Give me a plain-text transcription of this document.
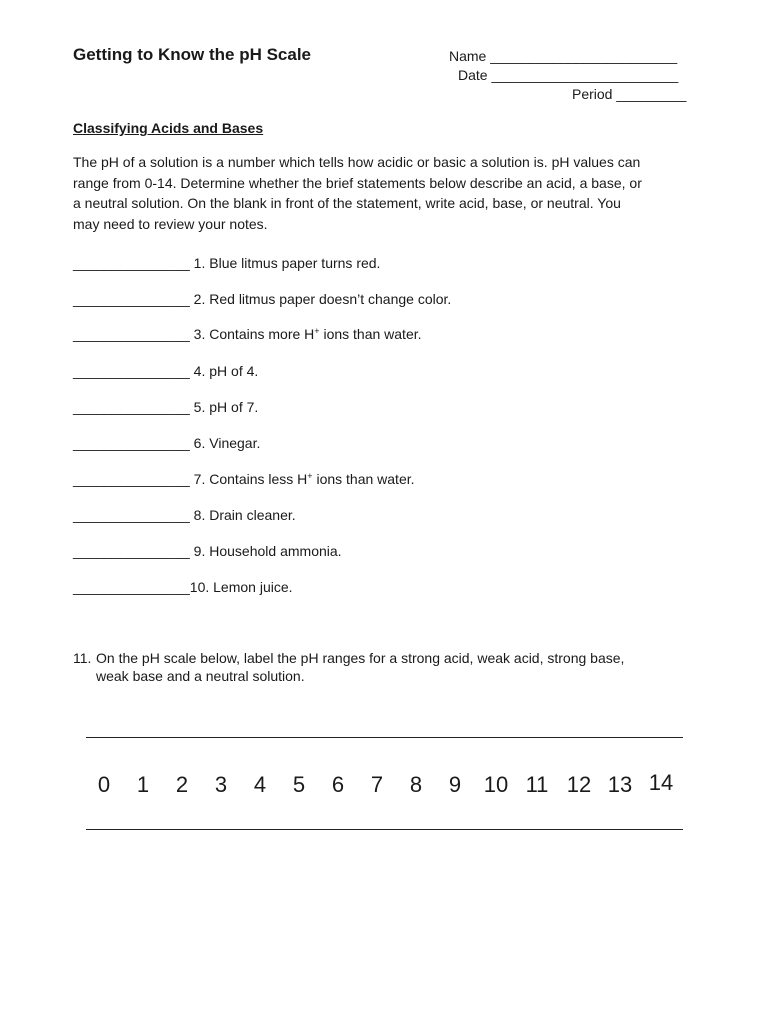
Getting to Know the pH Scale	Name ________________________
Date ________________________
Period _________
Classifying Acids and Bases
The pH of a solution is a number which tells how acidic or basic a solution is. pH values can
range from 0-14. Determine whether the brief statements below describe an acid, a base, or
a neutral solution. On the blank in front of the statement, write acid, base, or neutral. You
may need to review your notes.
_______________ 1. Blue litmus paper turns red.
_______________ 2. Red litmus paper doesn’t change color.
_______________ 3. Contains more H+ ions than water.
_______________ 4. pH of 4.
_______________ 5. pH of 7.
_______________ 6. Vinegar.
_______________ 7. Contains less H+ ions than water.
_______________ 8. Drain cleaner.
_______________ 9. Household ammonia.
_______________10. Lemon juice.
11. On the pH scale below, label the pH ranges for a strong acid, weak acid, strong base,
weak base and a neutral solution.
0 1 2 3 4 5 6 7 8 9 10 11 12 13 14
